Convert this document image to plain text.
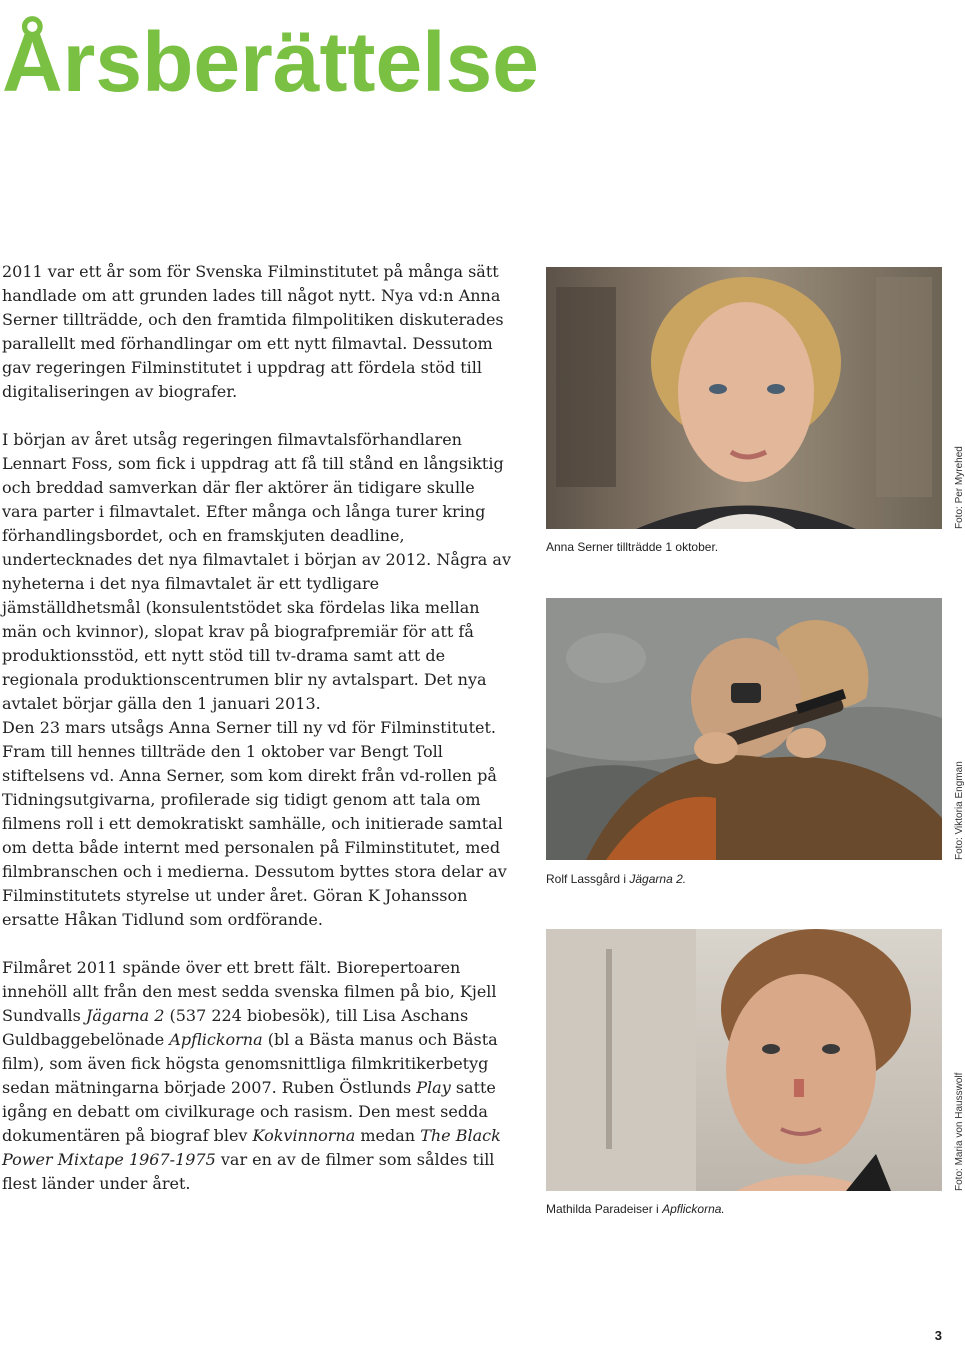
Årsberättelse

2011 var ett år som för Svenska Filminstitutet på många sätt handlade om att grunden lades till något nytt. Nya vd:n Anna Serner tillträdde, och den framtida filmpolitiken diskuterades parallellt med förhandlingar om ett nytt filmavtal. Dessutom gav regeringen Filminstitutet i uppdrag att fördela stöd till digitaliseringen av biografer.

I början av året utsåg regeringen filmavtalsförhandlaren Lennart Foss, som fick i uppdrag att få till stånd en långsiktig och breddad samverkan där fler aktörer än tidigare skulle vara parter i filmavtalet. Efter många och långa turer kring förhandlingsbordet, och en framskjuten deadline, undertecknades det nya filmavtalet i början av 2012. Några av nyheterna i det nya filmavtalet är ett tydligare jämställdhetsmål (konsulentstödet ska fördelas lika mellan män och kvinnor), slopat krav på biografpremiär för att få produktionsstöd, ett nytt stöd till tv-drama samt att de regionala produktionscentrumen blir ny avtalspart. Det nya avtalet börjar gälla den 1 januari 2013.

Den 23 mars utsågs Anna Serner till ny vd för Filminstitutet. Fram till hennes tillträde den 1 oktober var Bengt Toll stiftelsens vd. Anna Serner, som kom direkt från vd-rollen på Tidningsutgivarna, profilerade sig tidigt genom att tala om filmens roll i ett demokratiskt samhälle, och initierade samtal om detta både internt med personalen på Filminstitutet, med filmbranschen och i medierna. Dessutom byttes stora delar av Filminstitutets styrelse ut under året. Göran K Johansson ersatte Håkan Tidlund som ordförande.

Filmåret 2011 spände över ett brett fält. Biorepertoaren innehöll allt från den mest sedda svenska filmen på bio, Kjell Sundvalls Jägarna 2 (537 224 biobesök), till Lisa Aschans Guldbaggebelönade Apflickorna (bl a Bästa manus och Bästa film), som även fick högsta genomsnittliga filmkritikerbetyg sedan mätningarna började 2007. Ruben Östlunds Play satte igång en debatt om civilkurage och rasism. Den mest sedda dokumentären på biograf blev Kokvinnorna medan The Black Power Mixtape 1967-1975 var en av de filmer som såldes till flest länder under året.

Anna Serner tillträdde 1 oktober.

Foto: Per Myrehed

Rolf Lassgård i Jägarna 2.

Foto: Viktoria Engman

Mathilda Paradeiser i Apflickorna.

Foto: Maria von Hausswolf

3
